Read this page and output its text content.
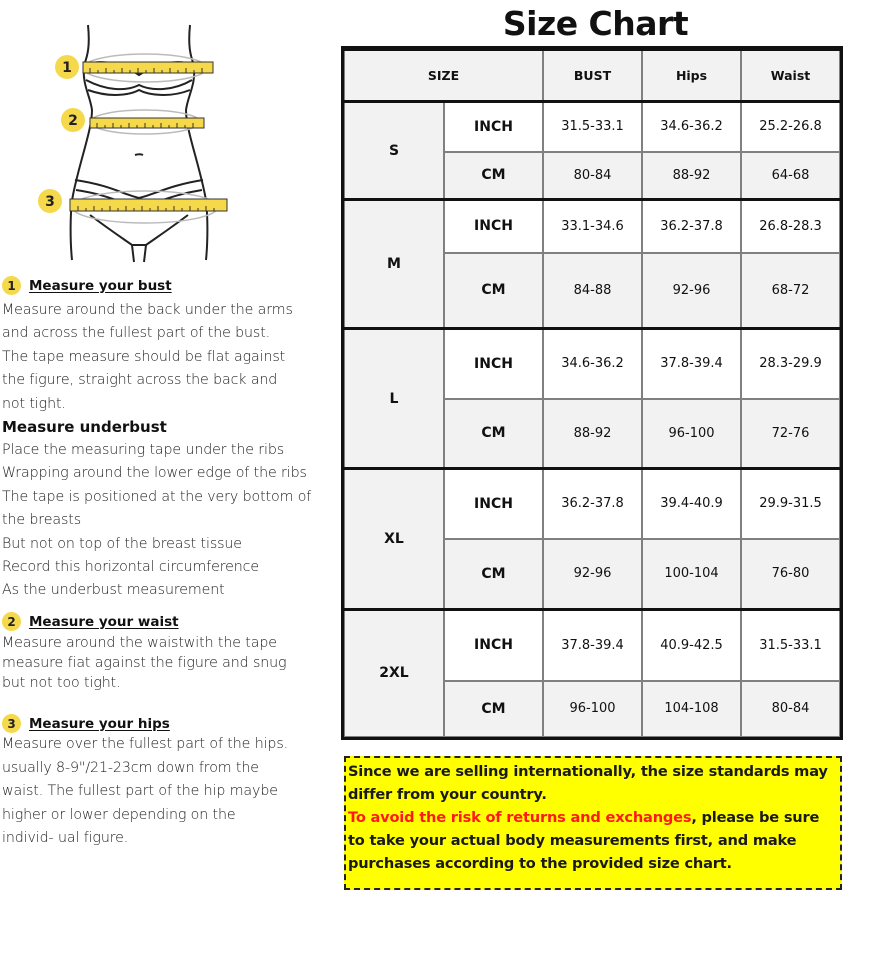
1
2
3
1 Measure your bust

Measure around the back under the arms

and across the fullest part of the bust.

The tape measure should be flat against

the figure, straight across the back and

not tight.

Measure underbust

Place the measuring tape under the ribs

Wrapping around the lower edge of the ribs

The tape is positioned at the very bottom of

the breasts

But not on top of the breast tissue

Record this horizontal circumference

As the underbust measurement

2 Measure your waist

Measure around the waistwith the tape

measure fiat against the figure and snug

but not too tight.

3 Measure your hips

Measure over the fullest part of the hips.

usually 8-9"/21-23cm down from the

waist. The fullest part of the hip maybe

higher or lower depending on the

individ- ual figure.

Size Chart
SIZE		BUST	Hips	Waist
S	INCH	31.5-33.1	34.6-36.2	25.2-26.8
	CM	80-84	88-92	64-68
M	INCH	33.1-34.6	36.2-37.8	26.8-28.3
	CM	84-88	92-96	68-72
L	INCH	34.6-36.2	37.8-39.4	28.3-29.9
	CM	88-92	96-100	72-76
XL	INCH	36.2-37.8	39.4-40.9	29.9-31.5
	CM	92-96	100-104	76-80
2XL	INCH	37.8-39.4	40.9-42.5	31.5-33.1
	CM	96-100	104-108	80-84
Since we are selling internationally, the size standards may differ from your country.
To avoid the risk of returns and exchanges, please be sure to take your actual body measurements first, and make purchases according to the provided size chart.
